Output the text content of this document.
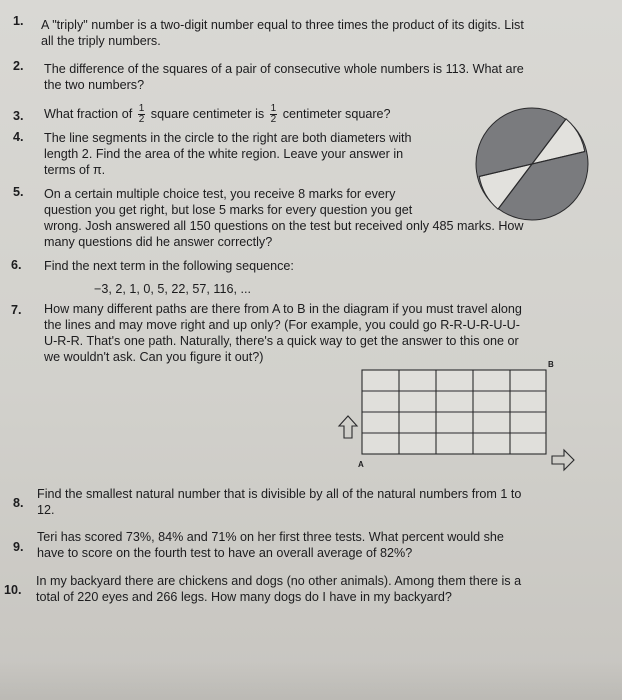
1. A "triply" number is a two-digit number equal to three times the product of its digits. List
all the triply numbers.
2. The difference of the squares of a pair of consecutive whole numbers is 113. What are
the two numbers?
3. What fraction of $\frac{1}{2}$ square centimeter is $\frac{1}{2}$ centimeter square?
4. The line segments in the circle to the right are both diameters with
length 2. Find the area of the white region. Leave your answer in
terms of π.
5. On a certain multiple choice test, you receive 8 marks for every
question you get right, but lose 5 marks for every question you get
wrong. Josh answered all 150 questions on the test but received only 485 marks. How
many questions did he answer correctly?
6. Find the next term in the following sequence:
−3, 2, 1, 0, 5, 22, 57, 116, ...
7. How many different paths are there from A to B in the diagram if you must travel along
the lines and may move right and up only? (For example, you could go R-R-U-R-U-U-
U-R-R. That's one path. Naturally, there's a quick way to get the answer to this one or
we wouldn't ask. Can you figure it out?)
B
A
8.
Find the smallest natural number that is divisible by all of the natural numbers from 1 to
12.
9.
Teri has scored 73%, 84% and 71% on her first three tests. What percent would she
have to score on the fourth test to have an overall average of 82%?
10.
In my backyard there are chickens and dogs (no other animals). Among them there is a
total of 220 eyes and 266 legs. How many dogs do I have in my backyard?
